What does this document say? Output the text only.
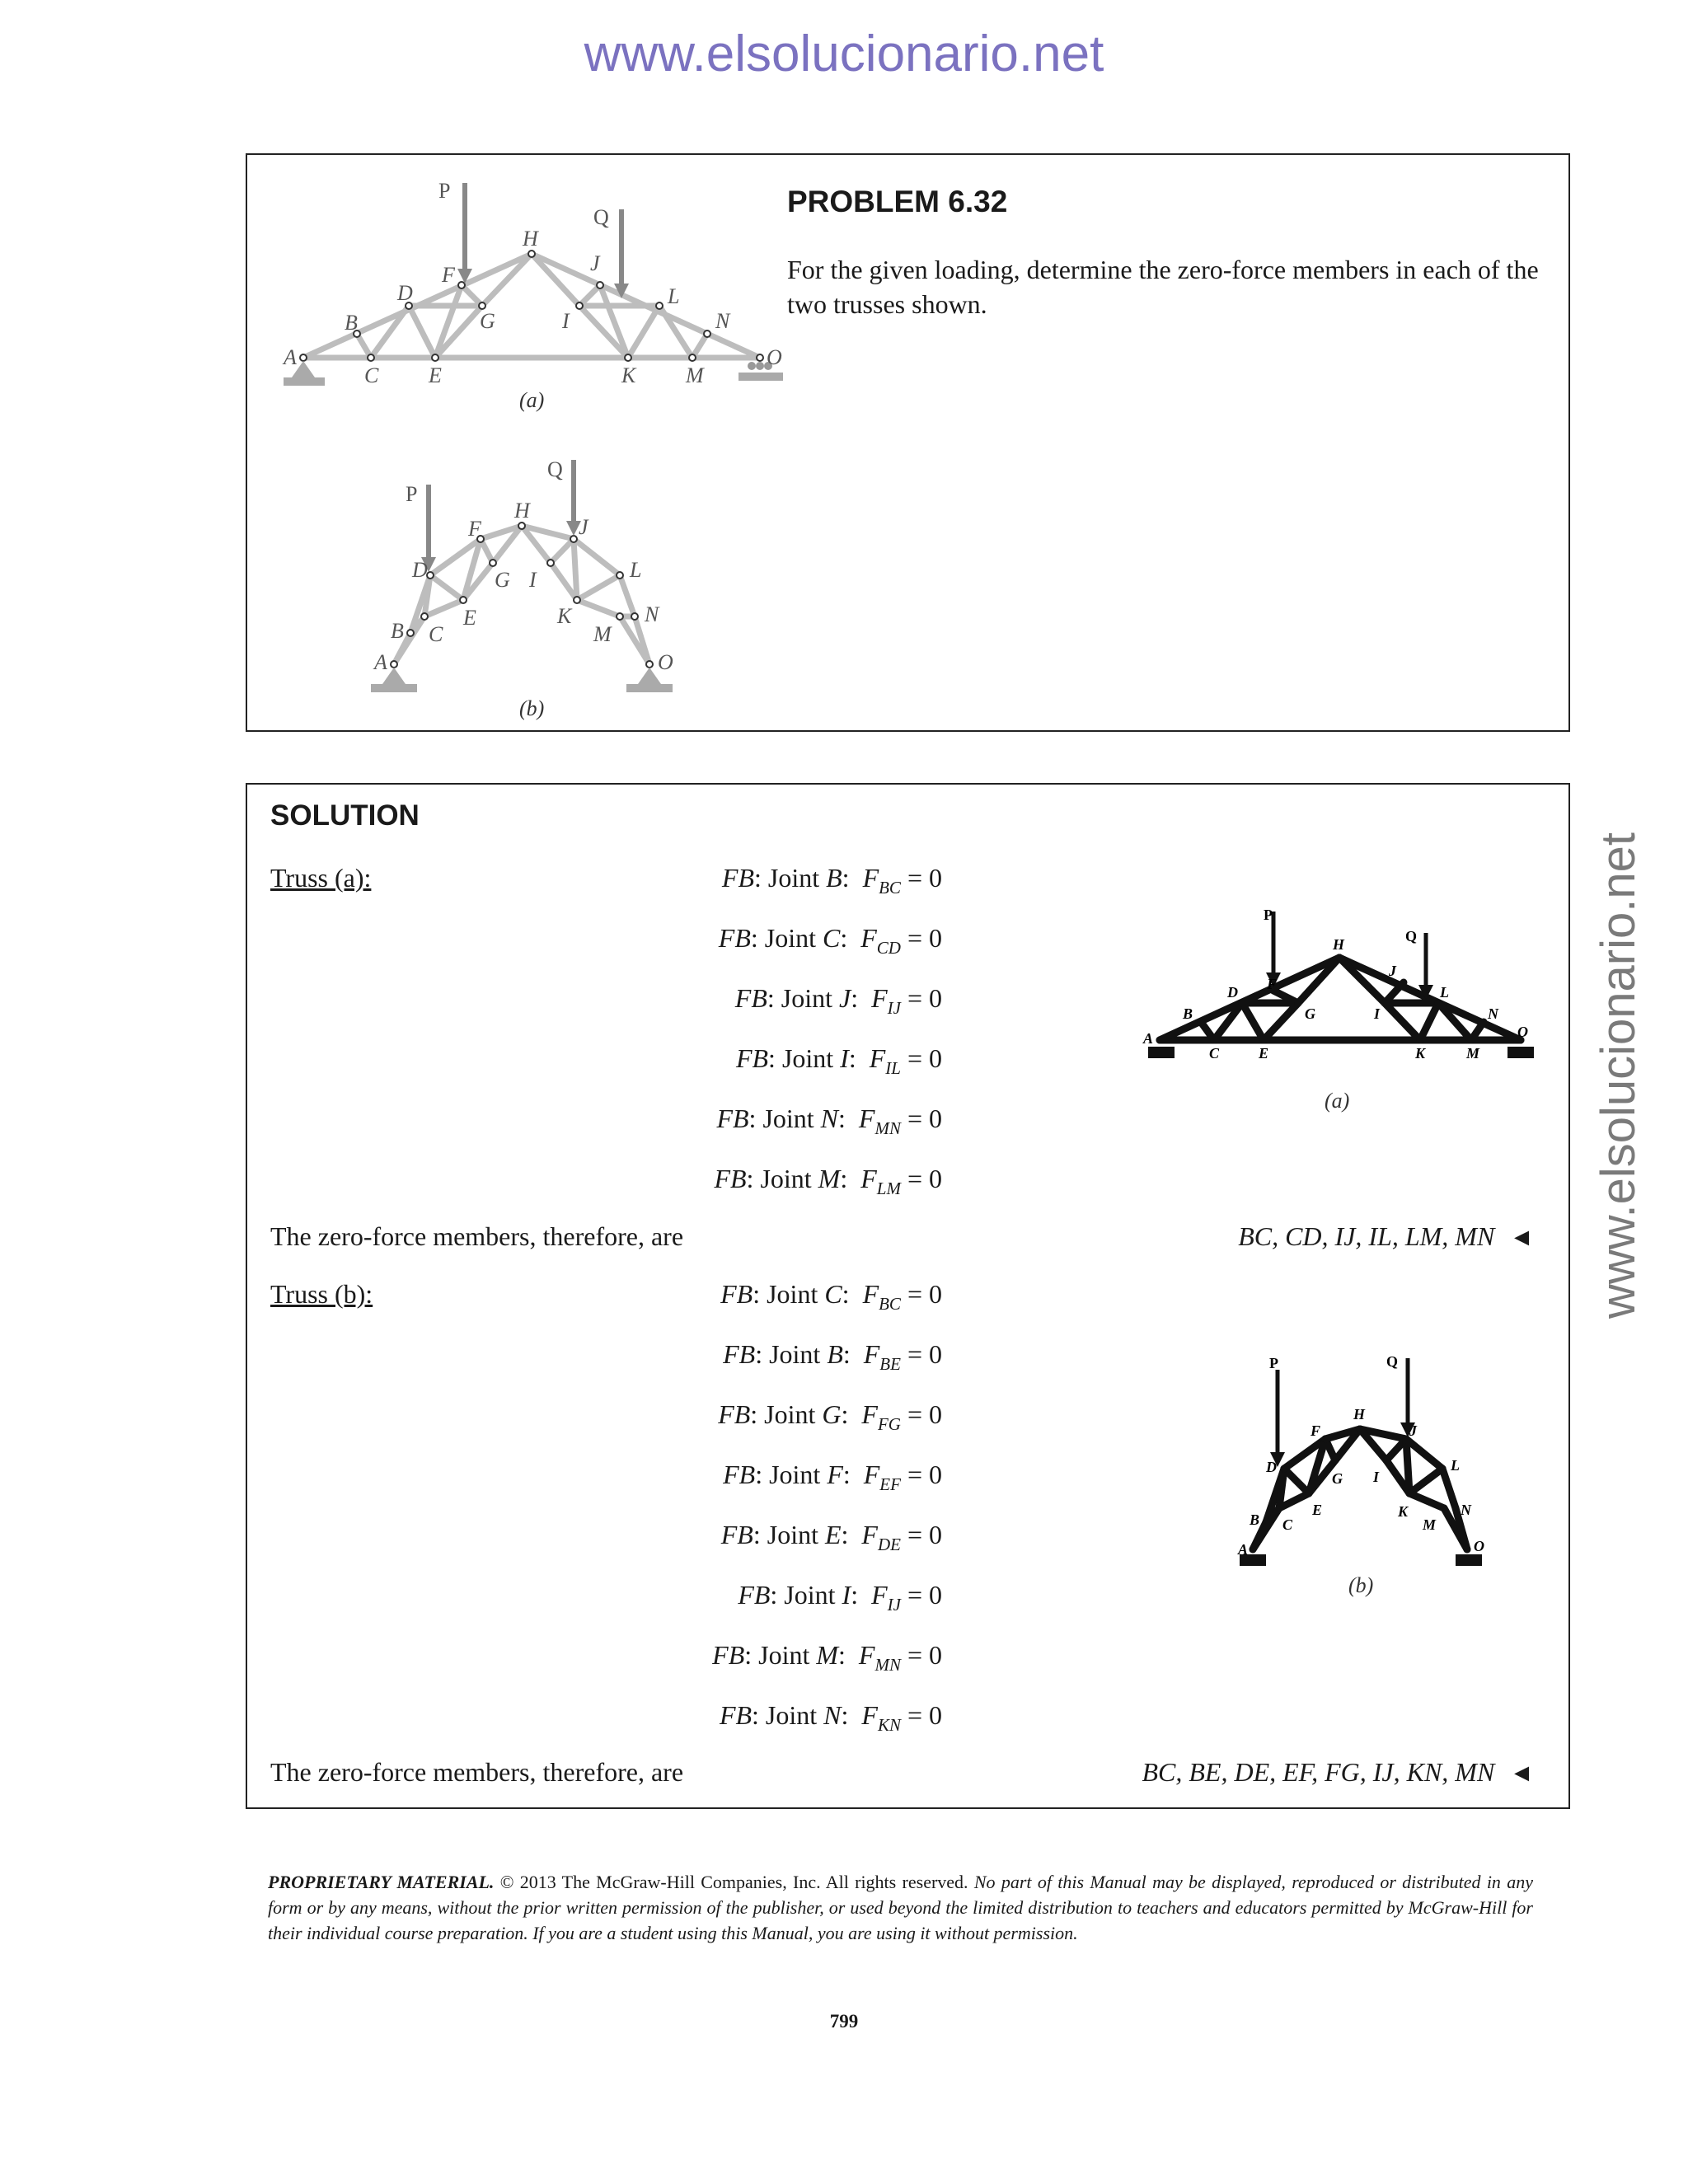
www.elsolucionario.net
www.elsolucionario.net
P
Q
A
B
C
D
E
F
G
H
I
J
K
L
M
N
O
(a)
P
Q
A
B C
D
E
F
G
H
I
J
K
L
M
N
O
(b)
PROBLEM 6.32
For the given loading, determine the zero-force members in each of the two trusses shown.
SOLUTION
Truss (a):	FB: Joint B:  $F_{BC} = 0$
FB: Joint C:  $F_{CD} = 0$
FB: Joint J:  $F_{IJ} = 0$
FB: Joint I:  $F_{IL} = 0$
FB: Joint N:  $F_{MN} = 0$
FB: Joint M:  $F_{LM} = 0$
P
Q
A
B
C
D
E
F
G
H
I
J
K
L
M
N
O
(a)
The zero-force members, therefore, are	BC, CD, IJ, IL, LM, MN ◄
Truss (b):	FB: Joint C:  $F_{BC} = 0$
FB: Joint B:  $F_{BE} = 0$
FB: Joint G:  $F_{FG} = 0$
FB: Joint F:  $F_{EF} = 0$
FB: Joint E:  $F_{DE} = 0$
FB: Joint I:  $F_{IJ} = 0$
FB: Joint M:  $F_{MN} = 0$
FB: Joint N:  $F_{KN} = 0$
P	Q
A
B C
D
E
F
G
H
I
J
K
L
M
N
O
(b)
The zero-force members, therefore, are	BC, BE, DE, EF, FG, IJ, KN, MN ◄
PROPRIETARY MATERIAL. © 2013 The McGraw-Hill Companies, Inc. All rights reserved. No part of this Manual may be displayed, reproduced or distributed in any form or by any means, without the prior written permission of the publisher, or used beyond the limited distribution to teachers and educators permitted by McGraw-Hill for their individual course preparation. If you are a student using this Manual, you are using it without permission.
799
